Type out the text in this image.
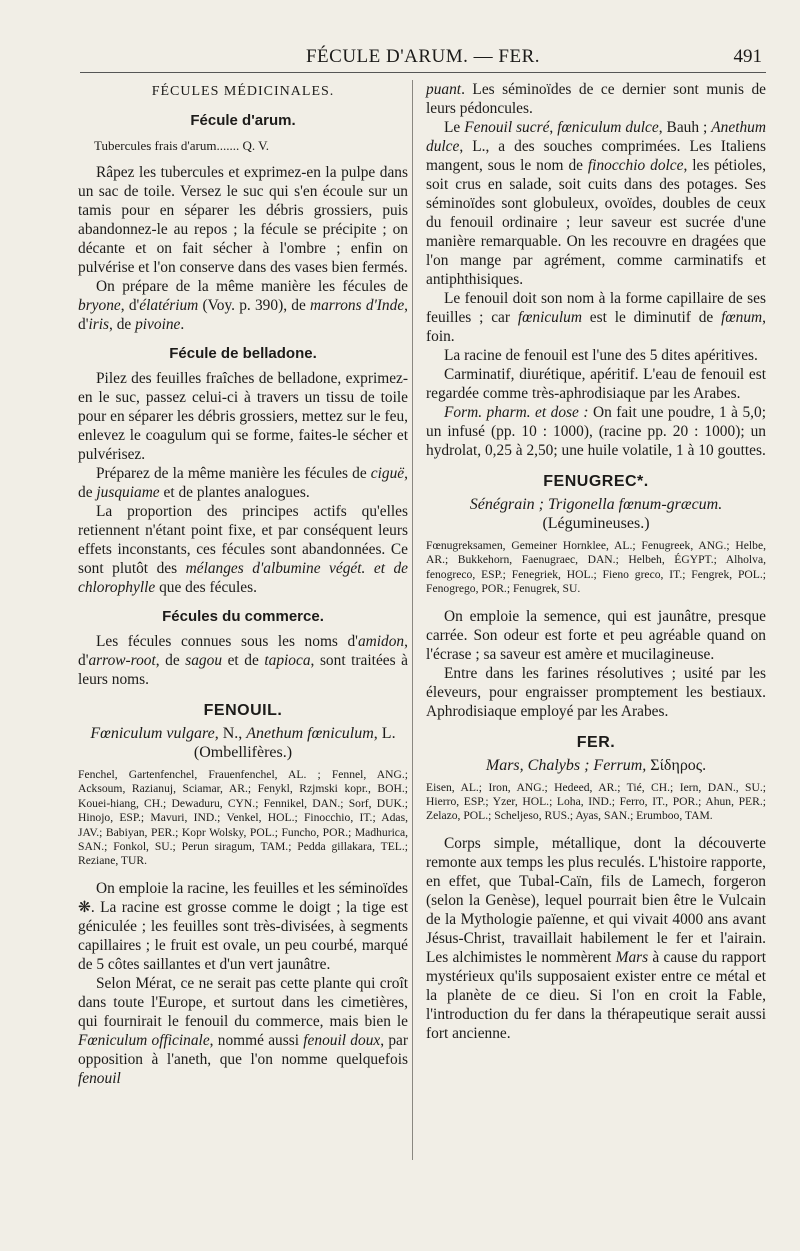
FÉCULE D'ARUM. — FER.	491
FÉCULES MÉDICINALES.
Fécule d'arum.
Tubercules frais d'arum....... Q. V.

Râpez les tubercules et exprimez-en la pulpe dans un sac de toile. Versez le suc qui s'en écoule sur un tamis pour en séparer les débris grossiers, puis abandonnez-le au repos ; la fécule se précipite ; on décante et on fait sécher à l'ombre ; enfin on pulvérise et l'on conserve dans des vases bien fermés.

On prépare de la même manière les fécules de bryone, d'élatérium (Voy. p. 390), de marrons d'Inde, d'iris, de pivoine.

Fécule de belladone.

Pilez des feuilles fraîches de belladone, exprimez-en le suc, passez celui-ci à travers un tissu de toile pour en séparer les débris grossiers, mettez sur le feu, enlevez le coagulum qui se forme, faites-le sécher et pulvérisez.

Préparez de la même manière les fécules de ciguë, de jusquiame et de plantes analogues.

La proportion des principes actifs qu'elles retiennent n'étant point fixe, et par conséquent leurs effets inconstants, ces fécules sont abandonnées. Ce sont plutôt des mélanges d'albumine végét. et de chlorophylle que des fécules.

Fécules du commerce.

Les fécules connues sous les noms d'amidon, d'arrow-root, de sagou et de tapioca, sont traitées à leurs noms.

FENOUIL.

Fœniculum vulgare, N., Anethum fœniculum, L. (Ombellifères.)

Fenchel, Gartenfenchel, Frauenfenchel, AL. ; Fennel, ANG.; Acksoum, Razianuj, Sciamar, AR.; Fenykl, Rzjmski kopr., BOH.; Kouei-hiang, CH.; Dewaduru, CYN.; Fennikel, DAN.; Sorf, DUK.; Hinojo, ESP.; Mavuri, IND.; Venkel, HOL.; Finocchio, IT.; Adas, JAV.; Babiyan, PER.; Kopr Wolsky, POL.; Funcho, POR.; Madhurica, SAN.; Fonkol, SU.; Perun siragum, TAM.; Pedda gillakara, TEL.; Reziane, TUR.

On emploie la racine, les feuilles et les séminoïdes ❋. La racine est grosse comme le doigt ; la tige est géniculée ; les feuilles sont très-divisées, à segments capillaires ; le fruit est ovale, un peu courbé, marqué de 5 côtes saillantes et d'un vert jaunâtre.

Selon Mérat, ce ne serait pas cette plante qui croît dans toute l'Europe, et surtout dans les cimetières, qui fournirait le fenouil du commerce, mais bien le Fœniculum officinale, nommé aussi fenouil doux, par opposition à l'aneth, que l'on nomme quelquefois fenouil

puant. Les séminoïdes de ce dernier sont munis de leurs pédoncules.

Le Fenouil sucré, fœniculum dulce, Bauh ; Anethum dulce, L., a des souches comprimées. Les Italiens mangent, sous le nom de finocchio dolce, les pétioles, soit crus en salade, soit cuits dans des potages. Ses séminoïdes sont globuleux, ovoïdes, doubles de ceux du fenouil ordinaire ; leur saveur est sucrée d'une manière remarquable. On les recouvre en dragées que l'on mange par agrément, comme carminatifs et antiphthisiques.

Le fenouil doit son nom à la forme capillaire de ses feuilles ; car fœniculum est le diminutif de fœnum, foin.

La racine de fenouil est l'une des 5 dites apéritives.

Carminatif, diurétique, apéritif. L'eau de fenouil est regardée comme très-aphrodisiaque par les Arabes.

Form. pharm. et dose : On fait une poudre, 1 à 5,0; un infusé (pp. 10 : 1000), (racine pp. 20 : 1000); un hydrolat, 0,25 à 2,50; une huile volatile, 1 à 10 gouttes.

FENUGREC*.

Sénégrain ; Trigonella fœnum-græcum.
(Légumineuses.)

Fœnugreksamen, Gemeiner Hornklee, AL.; Fenugreek, ANG.; Helbe, AR.; Bukkehorn, Faenugraec, DAN.; Helbeh, ÉGYPT.; Alholva, fenogreco, ESP.; Fenegriek, HOL.; Fieno greco, IT.; Fengrek, POL.; Fenogrego, POR.; Fenugrek, SU.

On emploie la semence, qui est jaunâtre, presque carrée. Son odeur est forte et peu agréable quand on l'écrase ; sa saveur est amère et mucilagineuse.

Entre dans les farines résolutives ; usité par les éleveurs, pour engraisser promptement les bestiaux. Aphrodisiaque employé par les Arabes.

FER.

Mars, Chalybs ; Ferrum, Σίδηρος.

Eisen, AL.; Iron, ANG.; Hedeed, AR.; Tié, CH.; Iern, DAN., SU.; Hierro, ESP.; Yzer, HOL.; Loha, IND.; Ferro, IT., POR.; Ahun, PER.; Zelazo, POL.; Scheljeso, RUS.; Ayas, SAN.; Erumboo, TAM.

Corps simple, métallique, dont la découverte remonte aux temps les plus reculés. L'histoire rapporte, en effet, que Tubal-Caïn, fils de Lamech, forgeron (selon la Genèse), lequel pourrait bien être le Vulcain de la Mythologie païenne, et qui vivait 4000 ans avant Jésus-Christ, travaillait habilement le fer et l'airain. Les alchimistes le nommèrent Mars à cause du rapport mystérieux qu'ils supposaient exister entre ce métal et la planète de ce dieu. Si l'on en croit la Fable, l'introduction du fer dans la thérapeutique serait aussi fort ancienne.
